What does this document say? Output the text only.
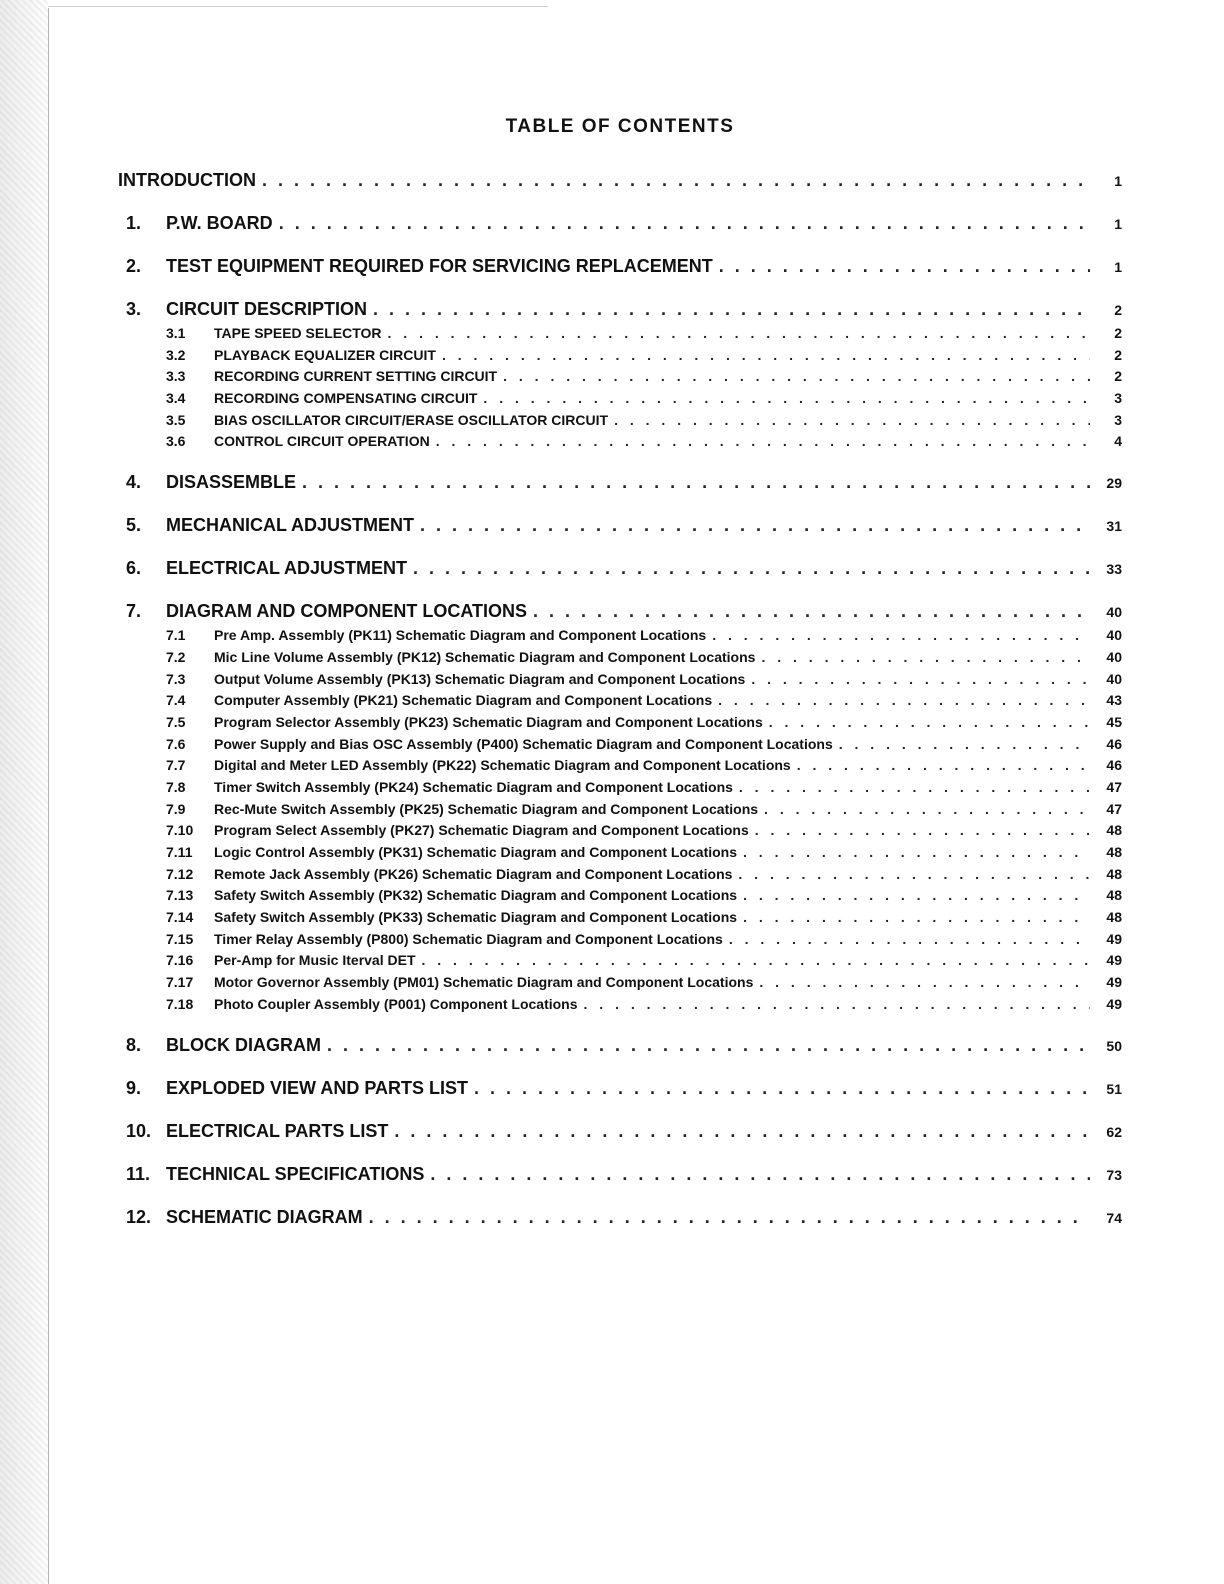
TABLE OF CONTENTS
INTRODUCTION . . .	1
1.	P.W. BOARD . . .	1
2.	TEST EQUIPMENT REQUIRED FOR SERVICING REPLACEMENT . . .	1
3.	CIRCUIT DESCRIPTION . . .	2
3.1	TAPE SPEED SELECTOR . . .	2
3.2	PLAYBACK EQUALIZER CIRCUIT . . .	2
3.3	RECORDING CURRENT SETTING CIRCUIT . . .	2
3.4	RECORDING COMPENSATING CIRCUIT . . .	3
3.5	BIAS OSCILLATOR CIRCUIT/ERASE OSCILLATOR CIRCUIT . . .	3
3.6	CONTROL CIRCUIT OPERATION . . .	4
4.	DISASSEMBLE . . .	29
5.	MECHANICAL ADJUSTMENT . . .	31
6.	ELECTRICAL ADJUSTMENT . . .	33
7.	DIAGRAM AND COMPONENT LOCATIONS . . .	40
7.1	Pre Amp. Assembly (PK11) Schematic Diagram and Component Locations . . .	40
7.2	Mic Line Volume Assembly (PK12) Schematic Diagram and Component Locations . . .	40
7.3	Output Volume Assembly (PK13) Schematic Diagram and Component Locations . . .	40
7.4	Computer Assembly (PK21) Schematic Diagram and Component Locations . . .	43
7.5	Program Selector Assembly (PK23) Schematic Diagram and Component Locations . . .	45
7.6	Power Supply and Bias OSC Assembly (P400) Schematic Diagram and Component Locations . . .	46
7.7	Digital and Meter LED Assembly (PK22) Schematic Diagram and Component Locations . . .	46
7.8	Timer Switch Assembly (PK24) Schematic Diagram and Component Locations . . .	47
7.9	Rec-Mute Switch Assembly (PK25) Schematic Diagram and Component Locations . . .	47
7.10	Program Select Assembly (PK27) Schematic Diagram and Component Locations . . .	48
7.11	Logic Control Assembly (PK31) Schematic Diagram and Component Locations . . .	48
7.12	Remote Jack Assembly (PK26) Schematic Diagram and Component Locations . . .	48
7.13	Safety Switch Assembly (PK32) Schematic Diagram and Component Locations . . .	48
7.14	Safety Switch Assembly (PK33) Schematic Diagram and Component Locations . . .	48
7.15	Timer Relay Assembly (P800) Schematic Diagram and Component Locations . . .	49
7.16	Per-Amp for Music Iterval DET . . .	49
7.17	Motor Governor Assembly (PM01) Schematic Diagram and Component Locations . . .	49
7.18	Photo Coupler Assembly (P001) Component Locations . . .	49
8.	BLOCK DIAGRAM . . .	50
9.	EXPLODED VIEW AND PARTS LIST . . .	51
10. ELECTRICAL PARTS LIST . . .	62
11. TECHNICAL SPECIFICATIONS . . .	73
12. SCHEMATIC DIAGRAM . . .	74
